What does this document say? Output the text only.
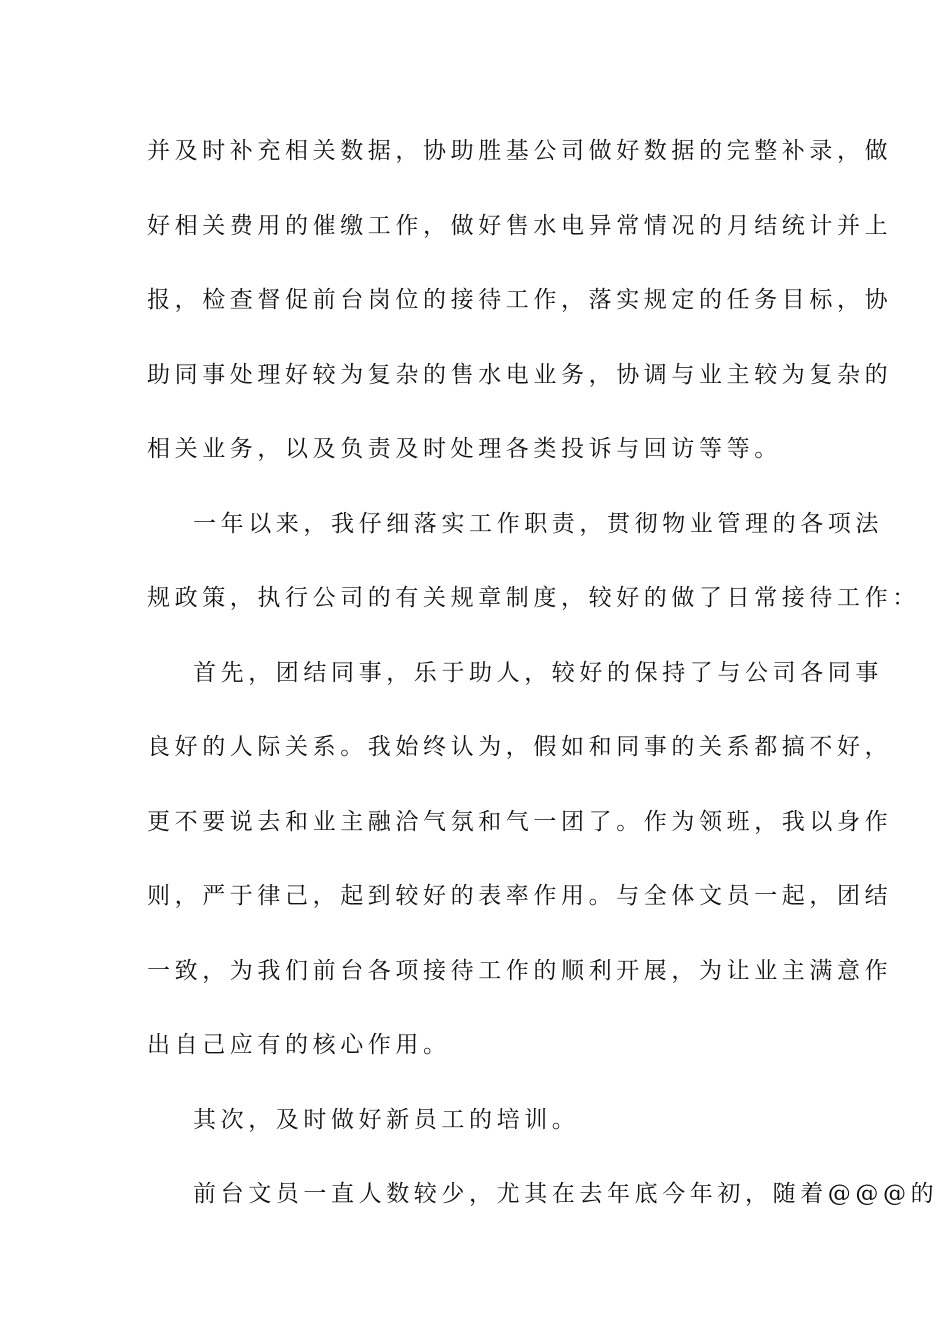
并及时补充相关数据，协助胜基公司做好数据的完整补录，做
好相关费用的催缴工作，做好售水电异常情况的月结统计并上
报，检查督促前台岗位的接待工作，落实规定的任务目标，协
助同事处理好较为复杂的售水电业务，协调与业主较为复杂的
相关业务，以及负责及时处理各类投诉与回访等等。
一年以来，我仔细落实工作职责，贯彻物业管理的各项法
规政策，执行公司的有关规章制度，较好的做了日常接待工作：
首先，团结同事，乐于助人，较好的保持了与公司各同事
良好的人际关系。我始终认为，假如和同事的关系都搞不好，
更不要说去和业主融洽气氛和气一团了。作为领班，我以身作
则，严于律己，起到较好的表率作用。与全体文员一起，团结
一致，为我们前台各项接待工作的顺利开展，为让业主满意作
出自己应有的核心作用。
其次，及时做好新员工的培训。
前台文员一直人数较少，尤其在去年底今年初，随着@@@的
